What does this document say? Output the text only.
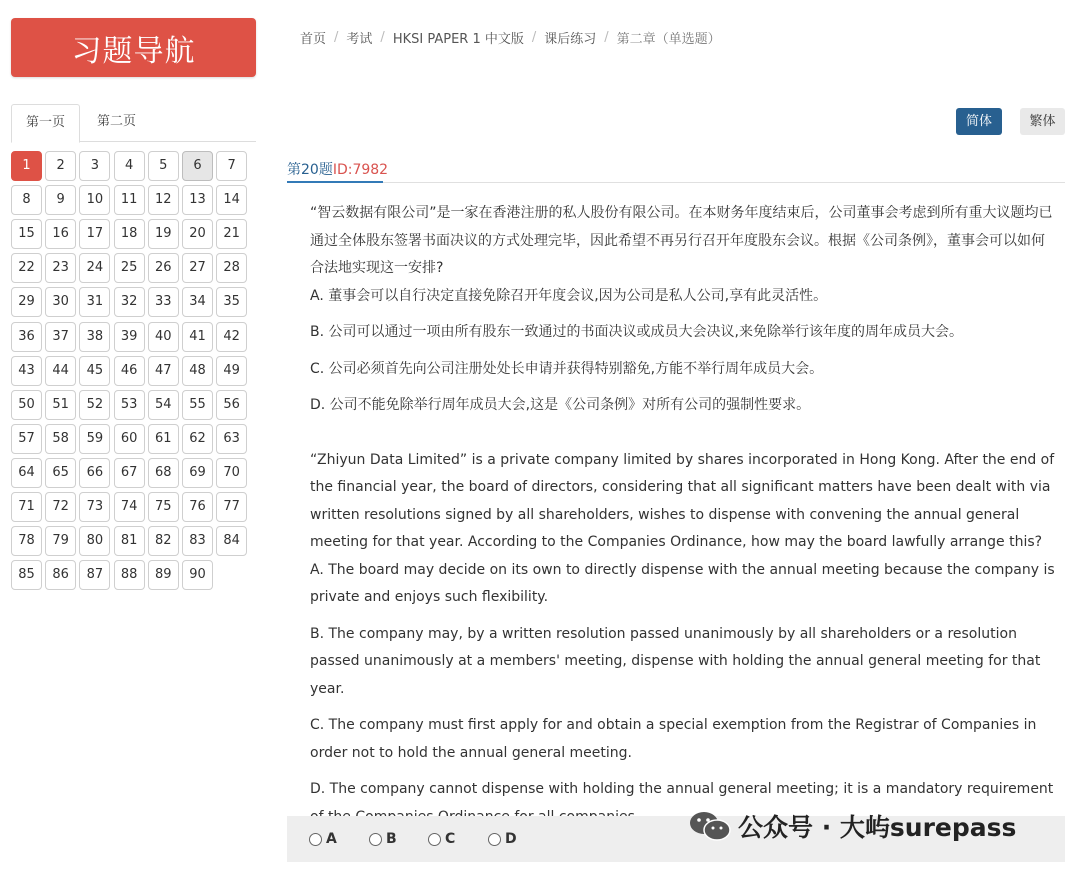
习题导航
第一页	第二页
1	2	3	4	5	6	7
8	9	10	11	12	13	14
15	16	17	18	19	20	21
22	23	24	25	26	27	28
29	30	31	32	33	34	35
36	37	38	39	40	41	42
43	44	45	46	47	48	49
50	51	52	53	54	55	56
57	58	59	60	61	62	63
64	65	66	67	68	69	70
71	72	73	74	75	76	77
78	79	80	81	82	83	84
85	86	87	88	89	90
首页 / 考试 / HKSI PAPER 1 中文版 / 课后练习 / 第二章（单选题）
简体	繁体
第20题ID:7982
“智云数据有限公司”是一家在香港注册的私人股份有限公司。在本财务年度结束后，公司董事会考虑到所有重大议题均已通过全体股东签署书面决议的方式处理完毕，因此希望不再另行召开年度股东会议。根据《公司条例》，董事会可以如何合法地实现这一安排?
A. 董事会可以自行决定直接免除召开年度会议,因为公司是私人公司,享有此灵活性。
B. 公司可以通过一项由所有股东一致通过的书面决议或成员大会决议,来免除举行该年度的周年成员大会。
C. 公司必须首先向公司注册处处长申请并获得特别豁免,方能不举行周年成员大会。
D. 公司不能免除举行周年成员大会,这是《公司条例》对所有公司的强制性要求。
“Zhiyun Data Limited” is a private company limited by shares incorporated in Hong Kong. After the end of the financial year, the board of directors, considering that all significant matters have been dealt with via written resolutions signed by all shareholders, wishes to dispense with convening the annual general meeting for that year. According to the Companies Ordinance, how may the board lawfully arrange this?
A. The board may decide on its own to directly dispense with the annual meeting because the company is private and enjoys such flexibility.
B. The company may, by a written resolution passed unanimously by all shareholders or a resolution passed unanimously at a members' meeting, dispense with holding the annual general meeting for that year.
C. The company must first apply for and obtain a special exemption from the Registrar of Companies in order not to hold the annual general meeting.
D. The company cannot dispense with holding the annual general meeting; it is a mandatory requirement
A	B	C	D	公众号 · 大屿surepass
